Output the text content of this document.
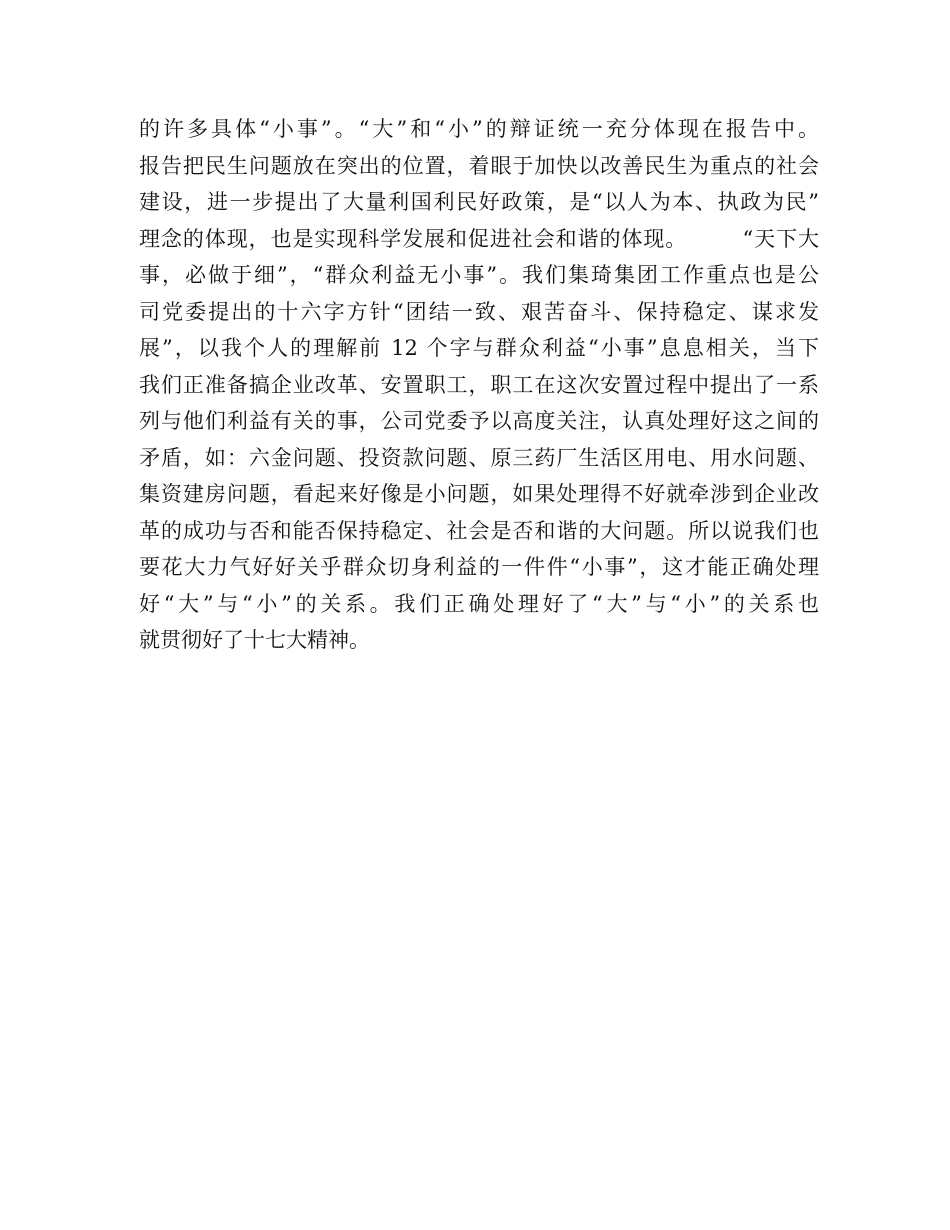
的许多具体“小事”。“大”和“小”的辩证统一充分体现在报告中。
报告把民生问题放在突出的位置，着眼于加快以改善民生为重点的社会
建设，进一步提出了大量利国利民好政策，是“以人为本、执政为民”
理念的体现，也是实现科学发展和促进社会和谐的体现。　　　“天下大
事，必做于细”，“群众利益无小事”。我们集琦集团工作重点也是公
司党委提出的十六字方针“团结一致、艰苦奋斗、保持稳定、谋求发
展”，以我个人的理解前 12 个字与群众利益“小事”息息相关，当下
我们正准备搞企业改革、安置职工，职工在这次安置过程中提出了一系
列与他们利益有关的事，公司党委予以高度关注，认真处理好这之间的
矛盾，如：六金问题、投资款问题、原三药厂生活区用电、用水问题、
集资建房问题，看起来好像是小问题，如果处理得不好就牵涉到企业改
革的成功与否和能否保持稳定、社会是否和谐的大问题。所以说我们也
要花大力气好好关乎群众切身利益的一件件“小事”，这才能正确处理
好“大”与“小”的关系。我们正确处理好了“大”与“小”的关系也
就贯彻好了十七大精神。
